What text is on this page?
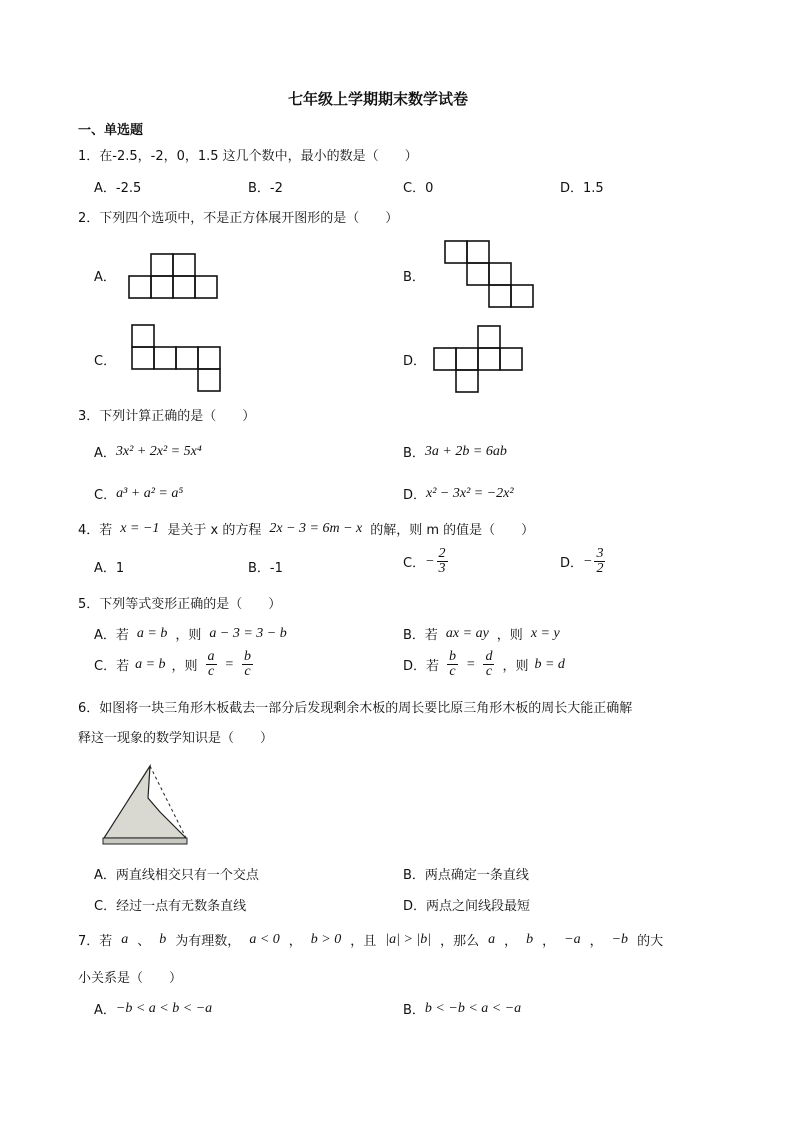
七年级上学期期末数学试卷
一、单选题
1．在-2.5，-2，0，1.5 这几个数中，最小的数是（　　）
A．-2.5	B．-2	C．0	D．1.5
2．下列四个选项中，不是正方体展开图形的是（　　）
A．	B．
C．	D．
3．下列计算正确的是（　　）
A． 3x² + 2x² = 5x⁴	B． 3a + 2b = 6ab
C． a³ + a² = a⁵	D． x² − 3x² = −2x²
4．若 x = −1 是关于 x 的方程 2x − 3 = 6m − x 的解，则 m 的值是（　　）
A．1	B．-1	C． − $\frac{2}{3}$	D． − $\frac{3}{2}$
5．下列等式变形正确的是（　　）
A．若 a = b ，则 a − 3 = 3 − b	B．若 ax = ay ，则 x = y
C．若 a = b ，则 $\frac{a}{c} = \frac{b}{c}$	D．若 $\frac{b}{c} = \frac{d}{c}$ ，则 b = d
6．如图将一块三角形木板截去一部分后发现剩余木板的周长要比原三角形木板的周长大能正确解
释这一现象的数学知识是（　　）
A．两直线相交只有一个交点	B．两点确定一条直线
C．经过一点有无数条直线	D．两点之间线段最短
7．若 a 、 b 为有理数， a < 0 ， b > 0 ，且 |a| > |b| ，那么 a ， b ， −a ， −b 的大
小关系是（　　）
A． −b < a < b < −a	B． b < −b < a < −a
